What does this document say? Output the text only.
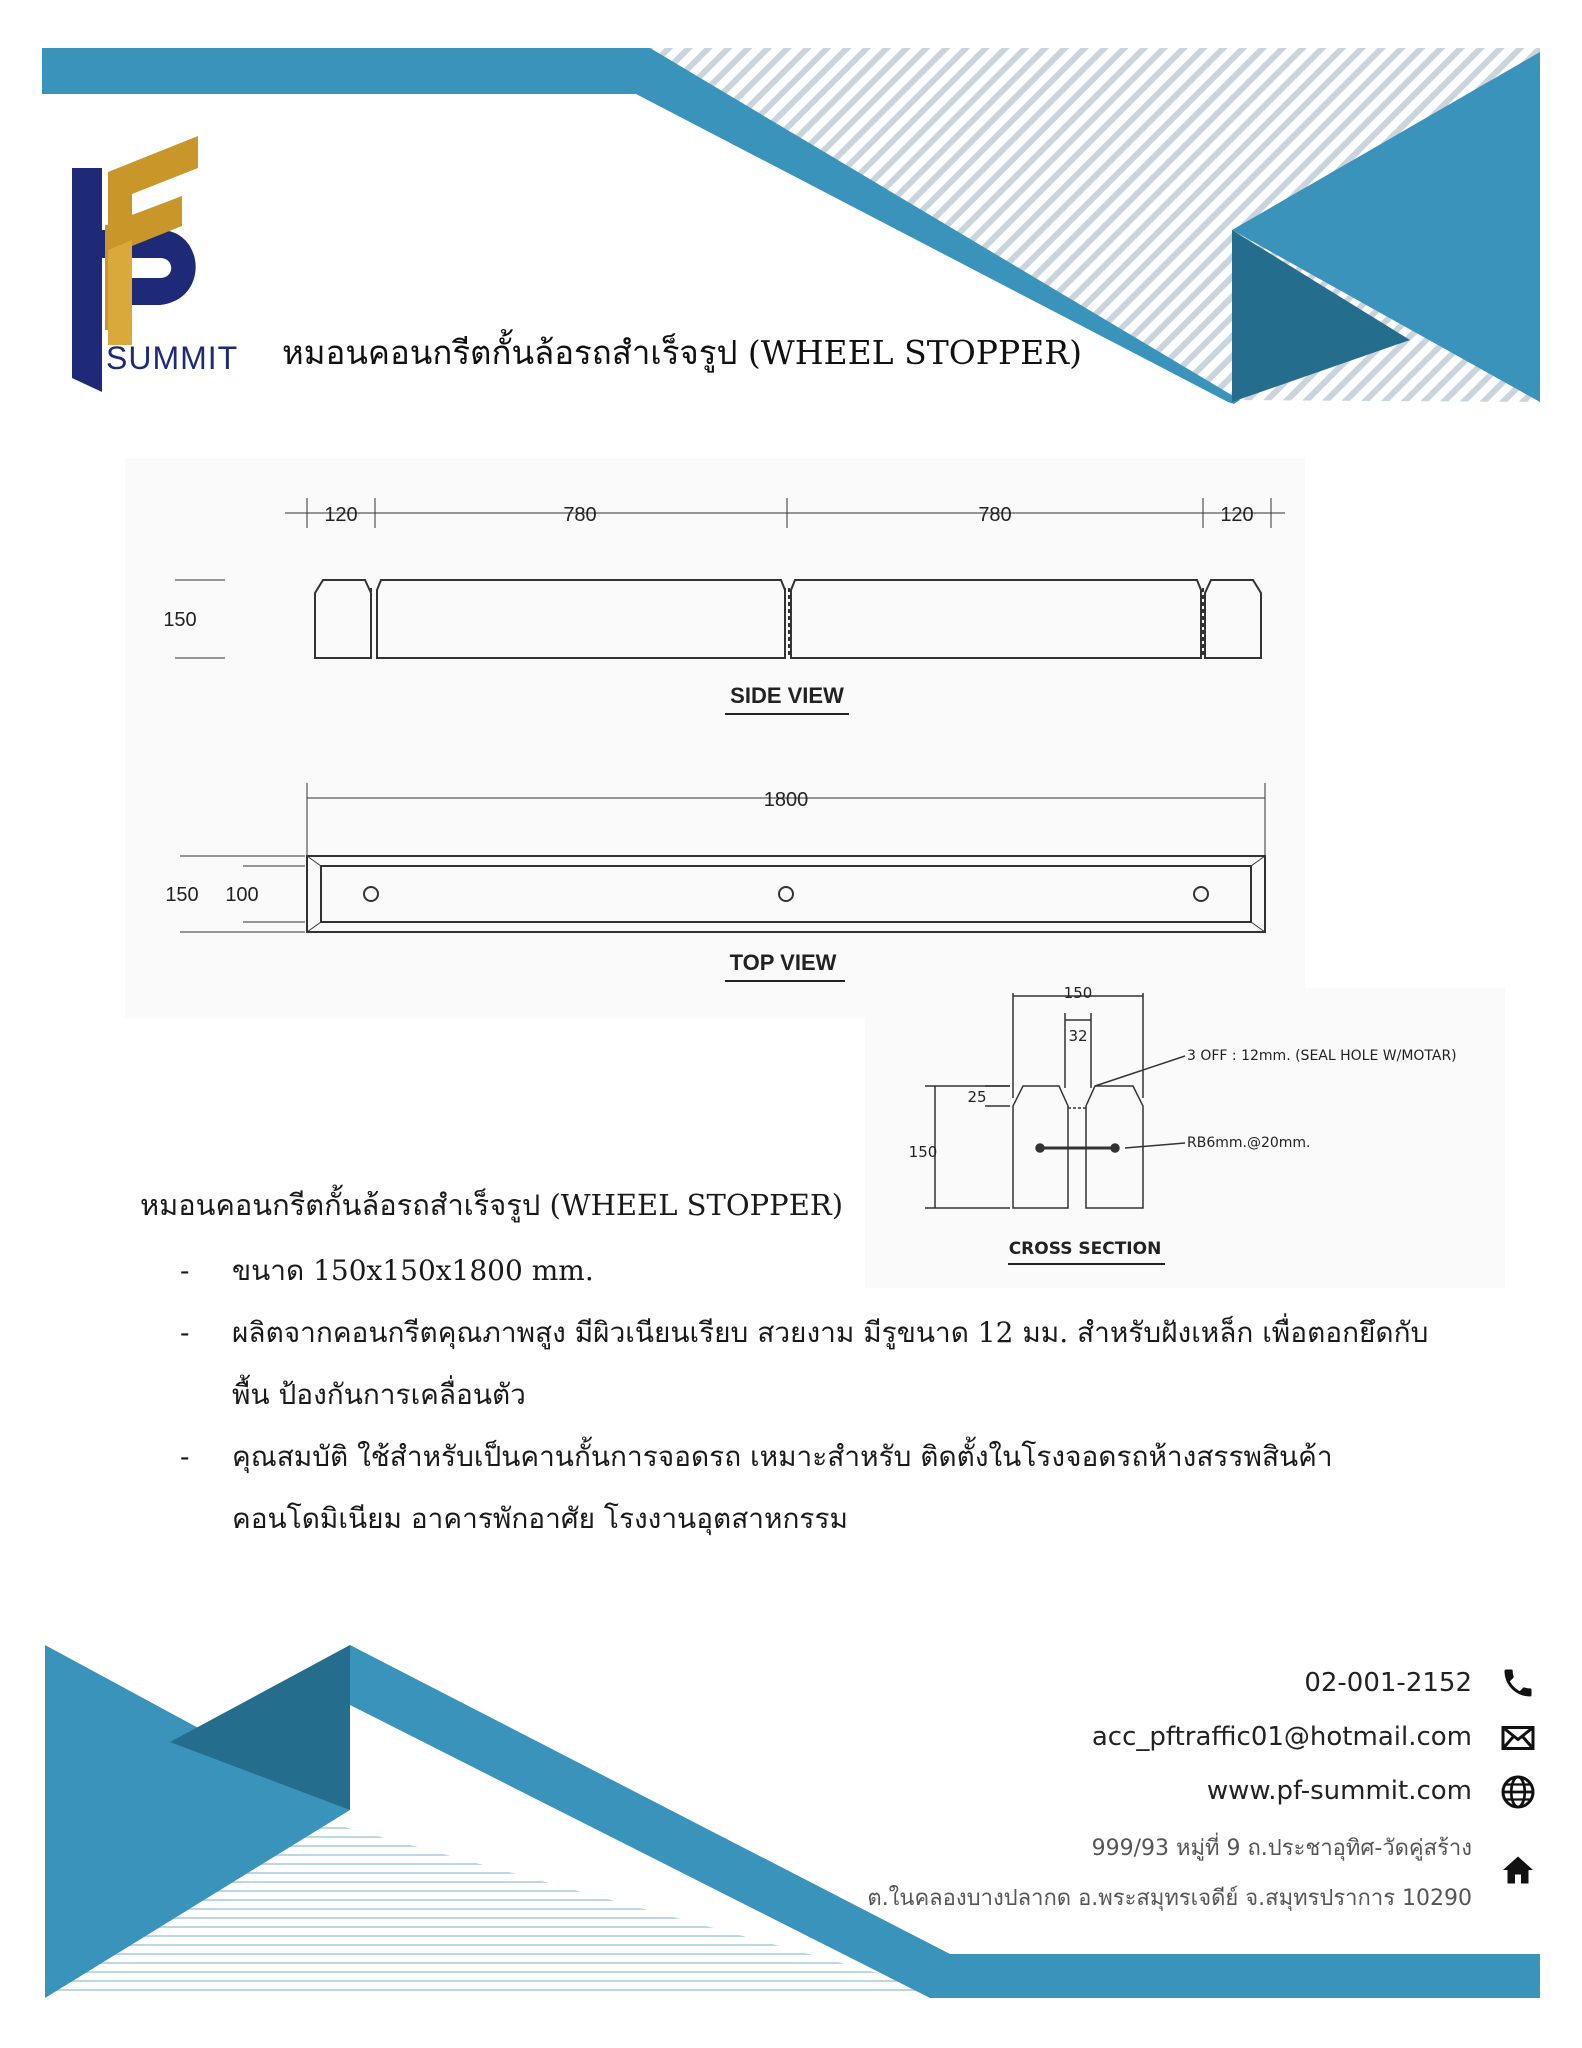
SUMMIT หมอนคอนกรีตกั้นล้อรถสำเร็จรูป (WHEEL STOPPER)
120	780	780	120
150
SIDE VIEW
1800
150 100
TOP VIEW
150
32
25
150
3 OFF : 12mm. (SEAL HOLE W/MOTAR)
RB6mm.@20mm.
CROSS SECTION
หมอนคอนกรีตกั้นล้อรถสำเร็จรูป (WHEEL STOPPER)
- ขนาด 150x150x1800 mm.
- ผลิตจากคอนกรีตคุณภาพสูง มีผิวเนียนเรียบ สวยงาม มีรูขนาด 12 มม. สำหรับฝังเหล็ก เพื่อตอกยึดกับพื้น ป้องกันการเคลื่อนตัว
- คุณสมบัติ ใช้สำหรับเป็นคานกั้นการจอดรถ เหมาะสำหรับ ติดตั้งในโรงจอดรถห้างสรรพสินค้า คอนโดมิเนียม อาคารพักอาศัย โรงงานอุตสาหกรรม
02-001-2152
acc_pftraffic01@hotmail.com
www.pf-summit.com
999/93 หมู่ที่ 9 ถ.ประชาอุทิศ-วัดคู่สร้าง
ต.ในคลองบางปลากด อ.พระสมุทรเจดีย์ จ.สมุทรปราการ 10290
